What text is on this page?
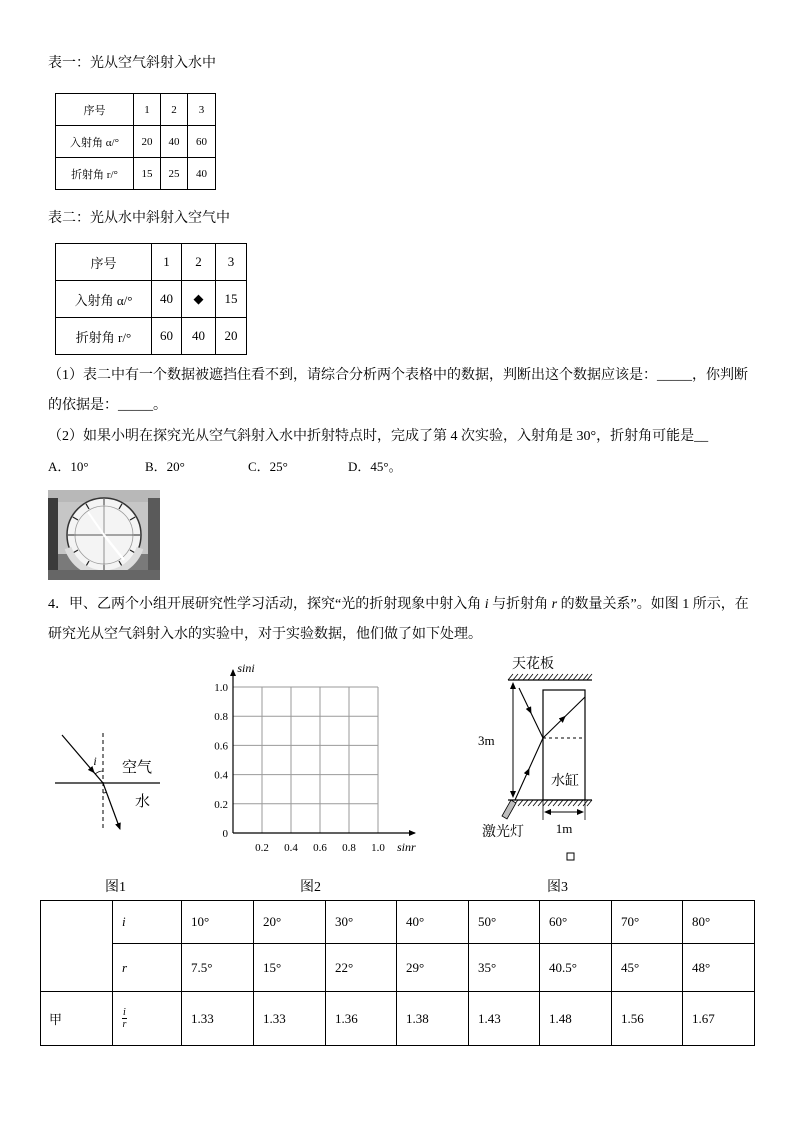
表一：光从空气斜射入水中
序号	1	2	3
入射角 α/°	20	40	60
折射角 r/°	15	25	40
表二：光从水中斜射入空气中
序号	1	2	3
入射角 α/°	40	◆	15
折射角 r/°	60	40	20
（1）表二中有一个数据被遮挡住看不到，请综合分析两个表格中的数据，判断出这个数据应该是：_____，你判断
的依据是：_____。
（2）如果小明在探究光从空气斜射入水中折射特点时，完成了第 4 次实验，入射角是 30°，折射角可能是__
A．10°	B．20°	C．25°	D．45°。
4．甲、乙两个小组开展研究性学习活动，探究“光的折射现象中射入角 i 与折射角 r 的数量关系”。如图 1 所示，在
研究光从空气斜射入水的实验中，对于实验数据，他们做了如下处理。
i 空气
水
sini
sinr
1.0
0.8
0.6
0.4
0.2
0
0.2 0.4 0.6 0.8 1.0
天花板
水缸
3m
激光灯 1m
图1	图2	图3
	i	10°	20°	30°	40°	50°	60°	70°	80°
	r	7.5°	15°	22°	29°	35°	40.5°	45°	48°
甲	$\frac{i}{r}$	1.33	1.33	1.36	1.38	1.43	1.48	1.56	1.67
